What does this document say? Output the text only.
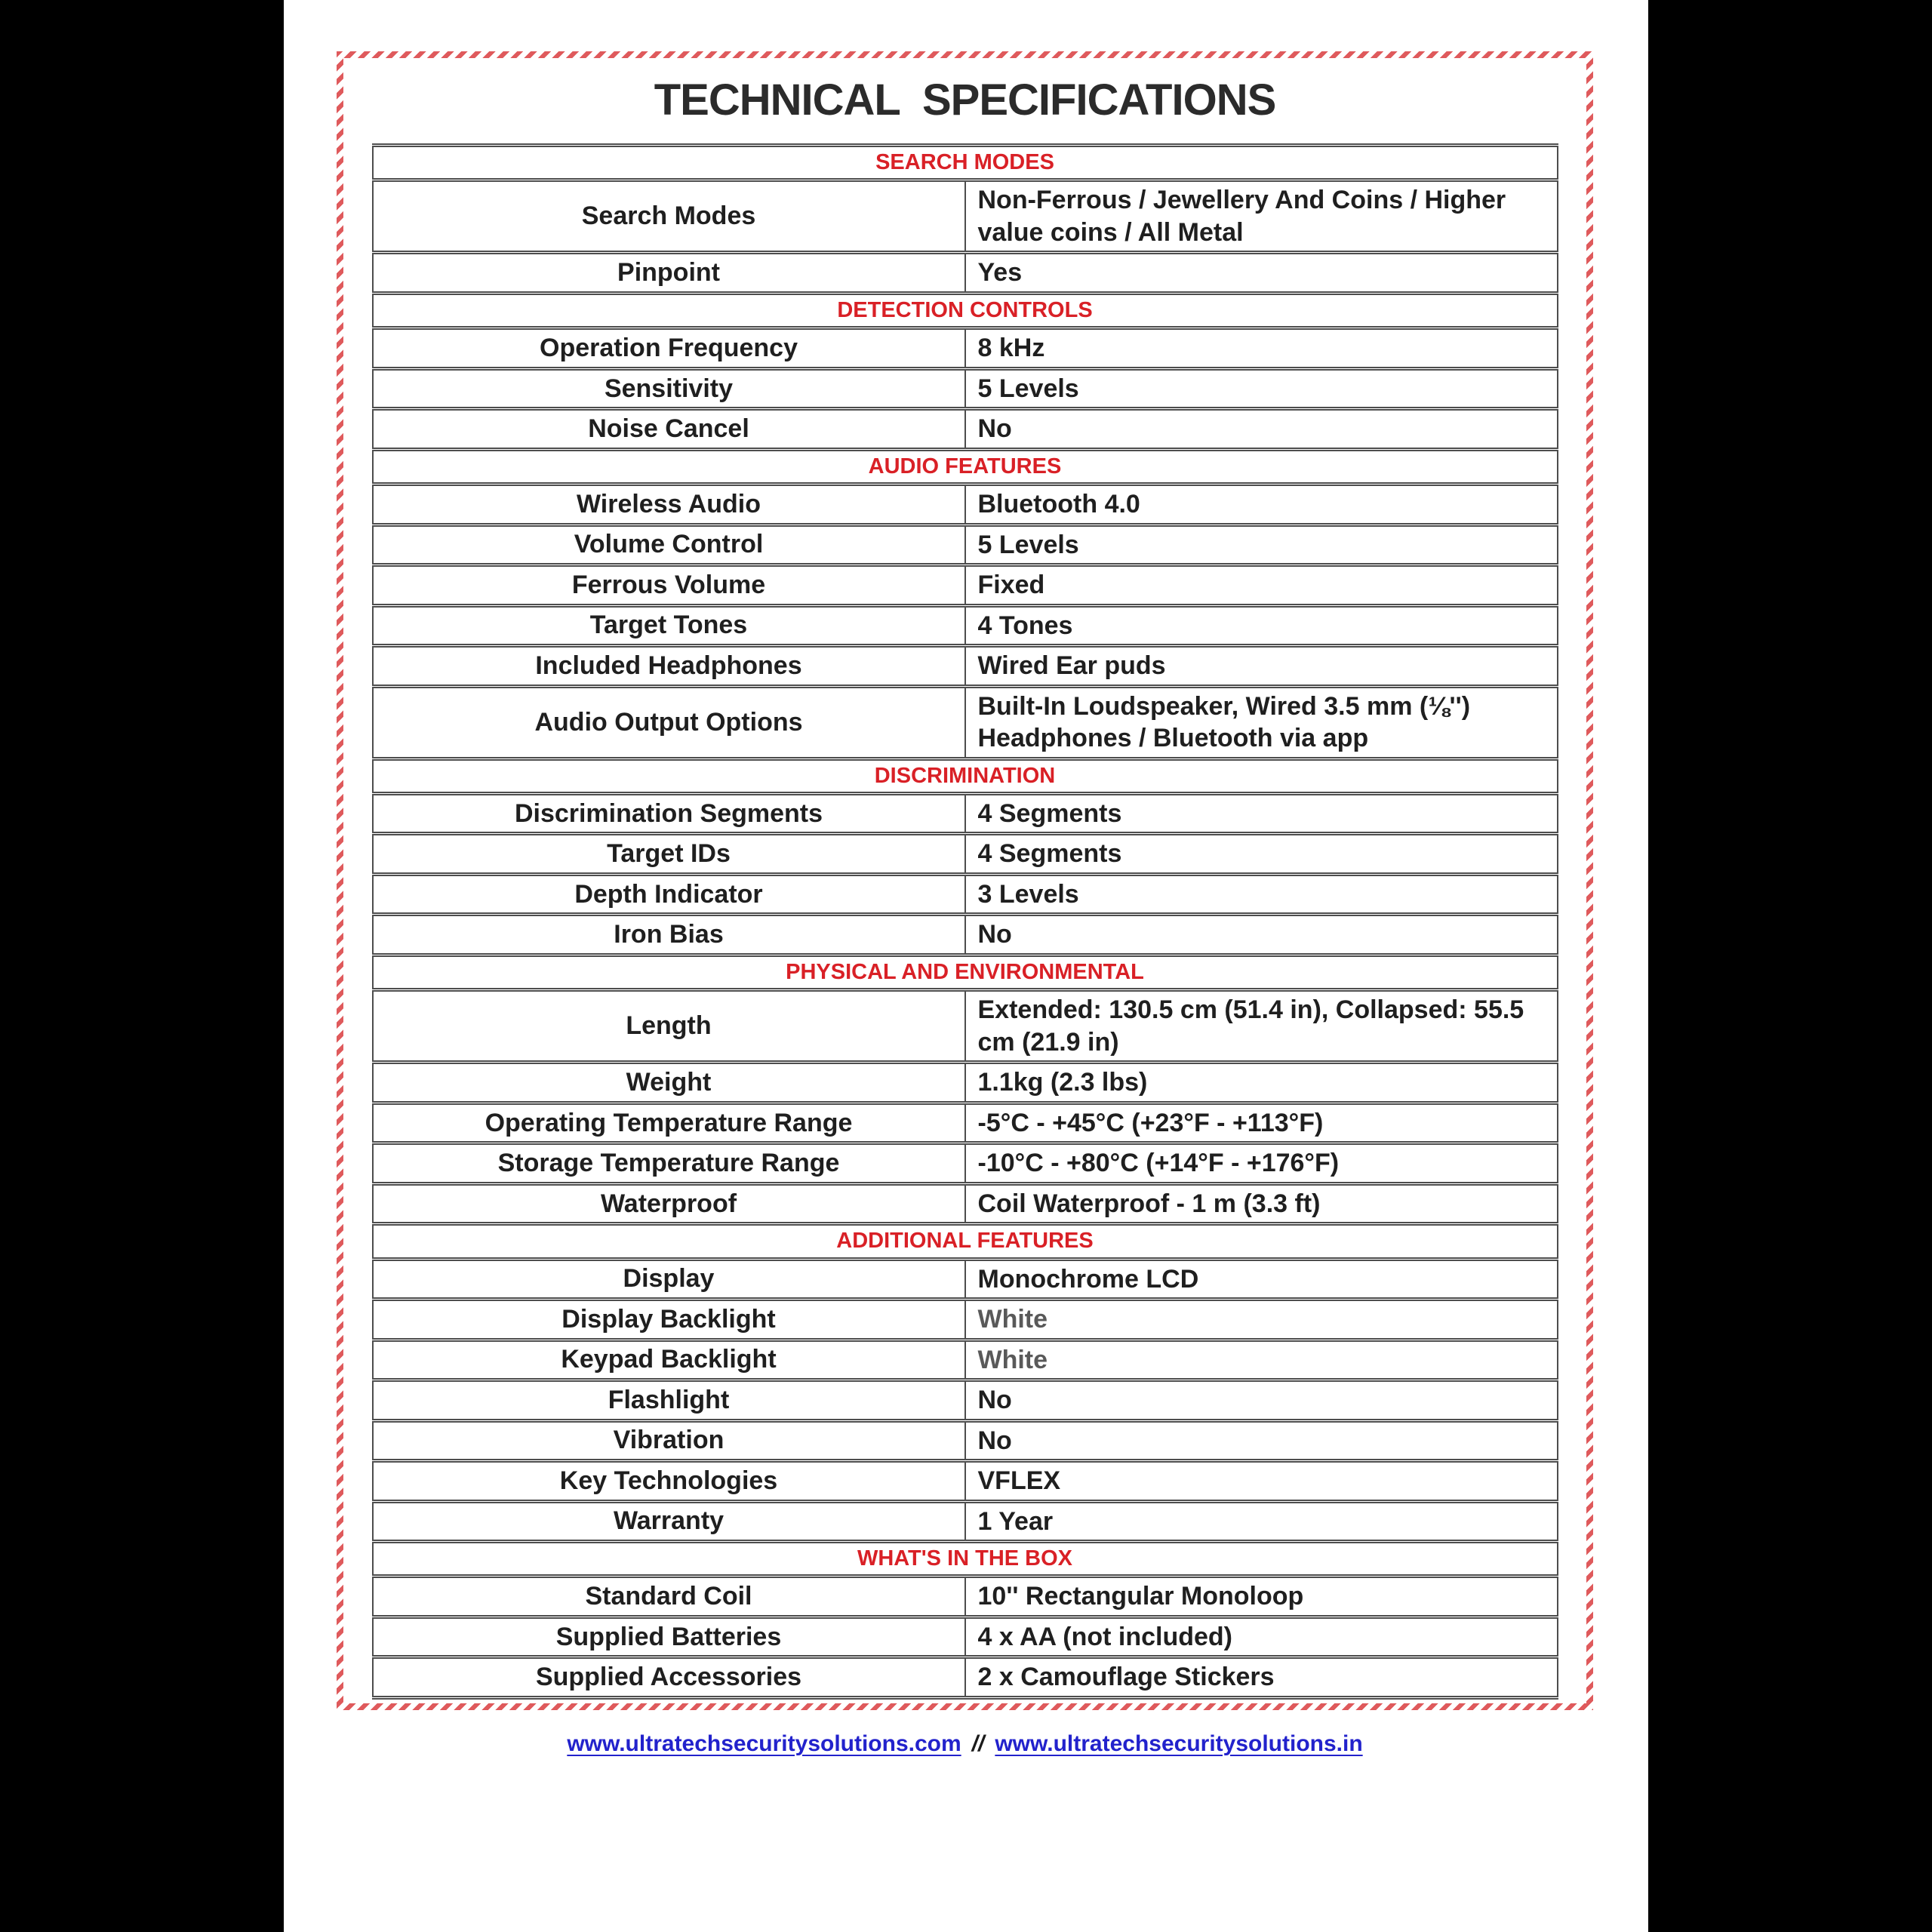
TECHNICAL  SPECIFICATIONS
SEARCH MODES	
Search Modes	Non-Ferrous / Jewellery And Coins / Higher value coins / All Metal
Pinpoint	Yes
DETECTION CONTROLS	
Operation Frequency	8 kHz
Sensitivity	5 Levels
Noise Cancel	No
AUDIO FEATURES	
Wireless Audio	Bluetooth 4.0
Volume Control	5 Levels
Ferrous Volume	Fixed
Target Tones	4 Tones
Included Headphones	Wired Ear puds
Audio Output Options	Built-In Loudspeaker, Wired 3.5 mm (⅛'') Headphones / Bluetooth via app
DISCRIMINATION	
Discrimination Segments	4 Segments
Target IDs	4 Segments
Depth Indicator	3 Levels
Iron Bias	No
PHYSICAL AND ENVIRONMENTAL	
Length	Extended: 130.5 cm (51.4 in), Collapsed: 55.5 cm (21.9 in)
Weight	1.1kg (2.3 lbs)
Operating Temperature Range	-5°C - +45°C (+23°F - +113°F)
Storage Temperature Range	-10°C - +80°C (+14°F - +176°F)
Waterproof	Coil Waterproof - 1 m (3.3 ft)
ADDITIONAL FEATURES	
Display	Monochrome LCD
Display Backlight	White
Keypad Backlight	White
Flashlight	No
Vibration	No
Key Technologies	VFLEX
Warranty	1 Year
WHAT'S IN THE BOX	
Standard Coil	10'' Rectangular Monoloop
Supplied Batteries	4 x AA (not included)
Supplied Accessories	2 x Camouflage Stickers
www.ultratechsecuritysolutions.com // www.ultratechsecuritysolutions.in
